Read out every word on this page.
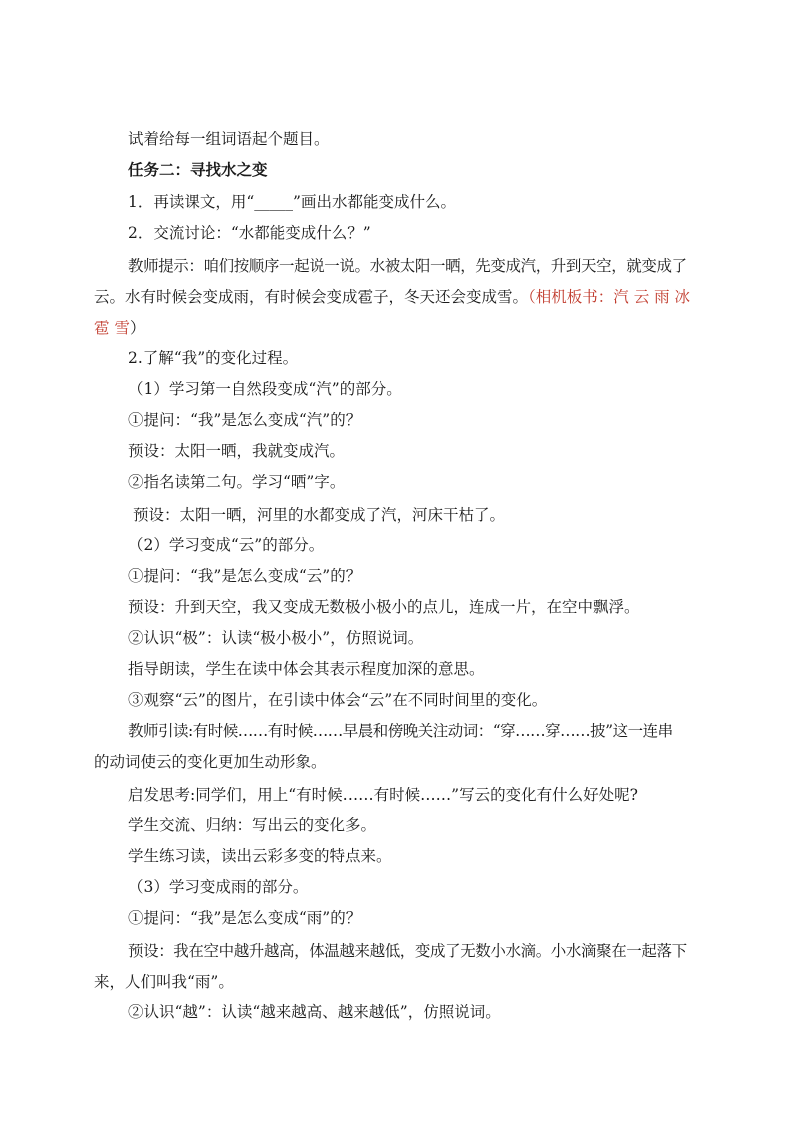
试着给每一组词语起个题目。
任务二：寻找水之变
1．再读课文，用“_____”画出水都能变成什么。
2．交流讨论：“水都能变成什么？”
教师提示：咱们按顺序一起说一说。水被太阳一晒，先变成汽，升到天空，就变成了
云。水有时候会变成雨，有时候会变成雹子，冬天还会变成雪。（相机板书：汽 云 雨 冰
雹 雪）
2.了解“我”的变化过程。
（1）学习第一自然段变成“汽”的部分。
①提问：“我”是怎么变成“汽”的？
预设：太阳一晒，我就变成汽。
②指名读第二句。学习“晒”字。
预设：太阳一晒，河里的水都变成了汽，河床干枯了。
（2）学习变成“云”的部分。
①提问：“我”是怎么变成“云”的？
预设：升到天空，我又变成无数极小极小的点儿，连成一片，在空中飘浮。
②认识“极”：认读“极小极小”，仿照说词。
指导朗读，学生在读中体会其表示程度加深的意思。
③观察“云”的图片，在引读中体会“云”在不同时间里的变化。
教师引读:有时候……有时候……早晨和傍晚关注动词：“穿……穿……披”这一连串
的动词使云的变化更加生动形象。
启发思考:同学们，用上“有时候……有时候……”写云的变化有什么好处呢?
学生交流、归纳：写出云的变化多。
学生练习读，读出云彩多变的特点来。
（3）学习变成雨的部分。
①提问：“我”是怎么变成“雨”的？
预设：我在空中越升越高，体温越来越低，变成了无数小水滴。小水滴聚在一起落下
来，人们叫我“雨”。
②认识“越”：认读“越来越高、越来越低”，仿照说词。
